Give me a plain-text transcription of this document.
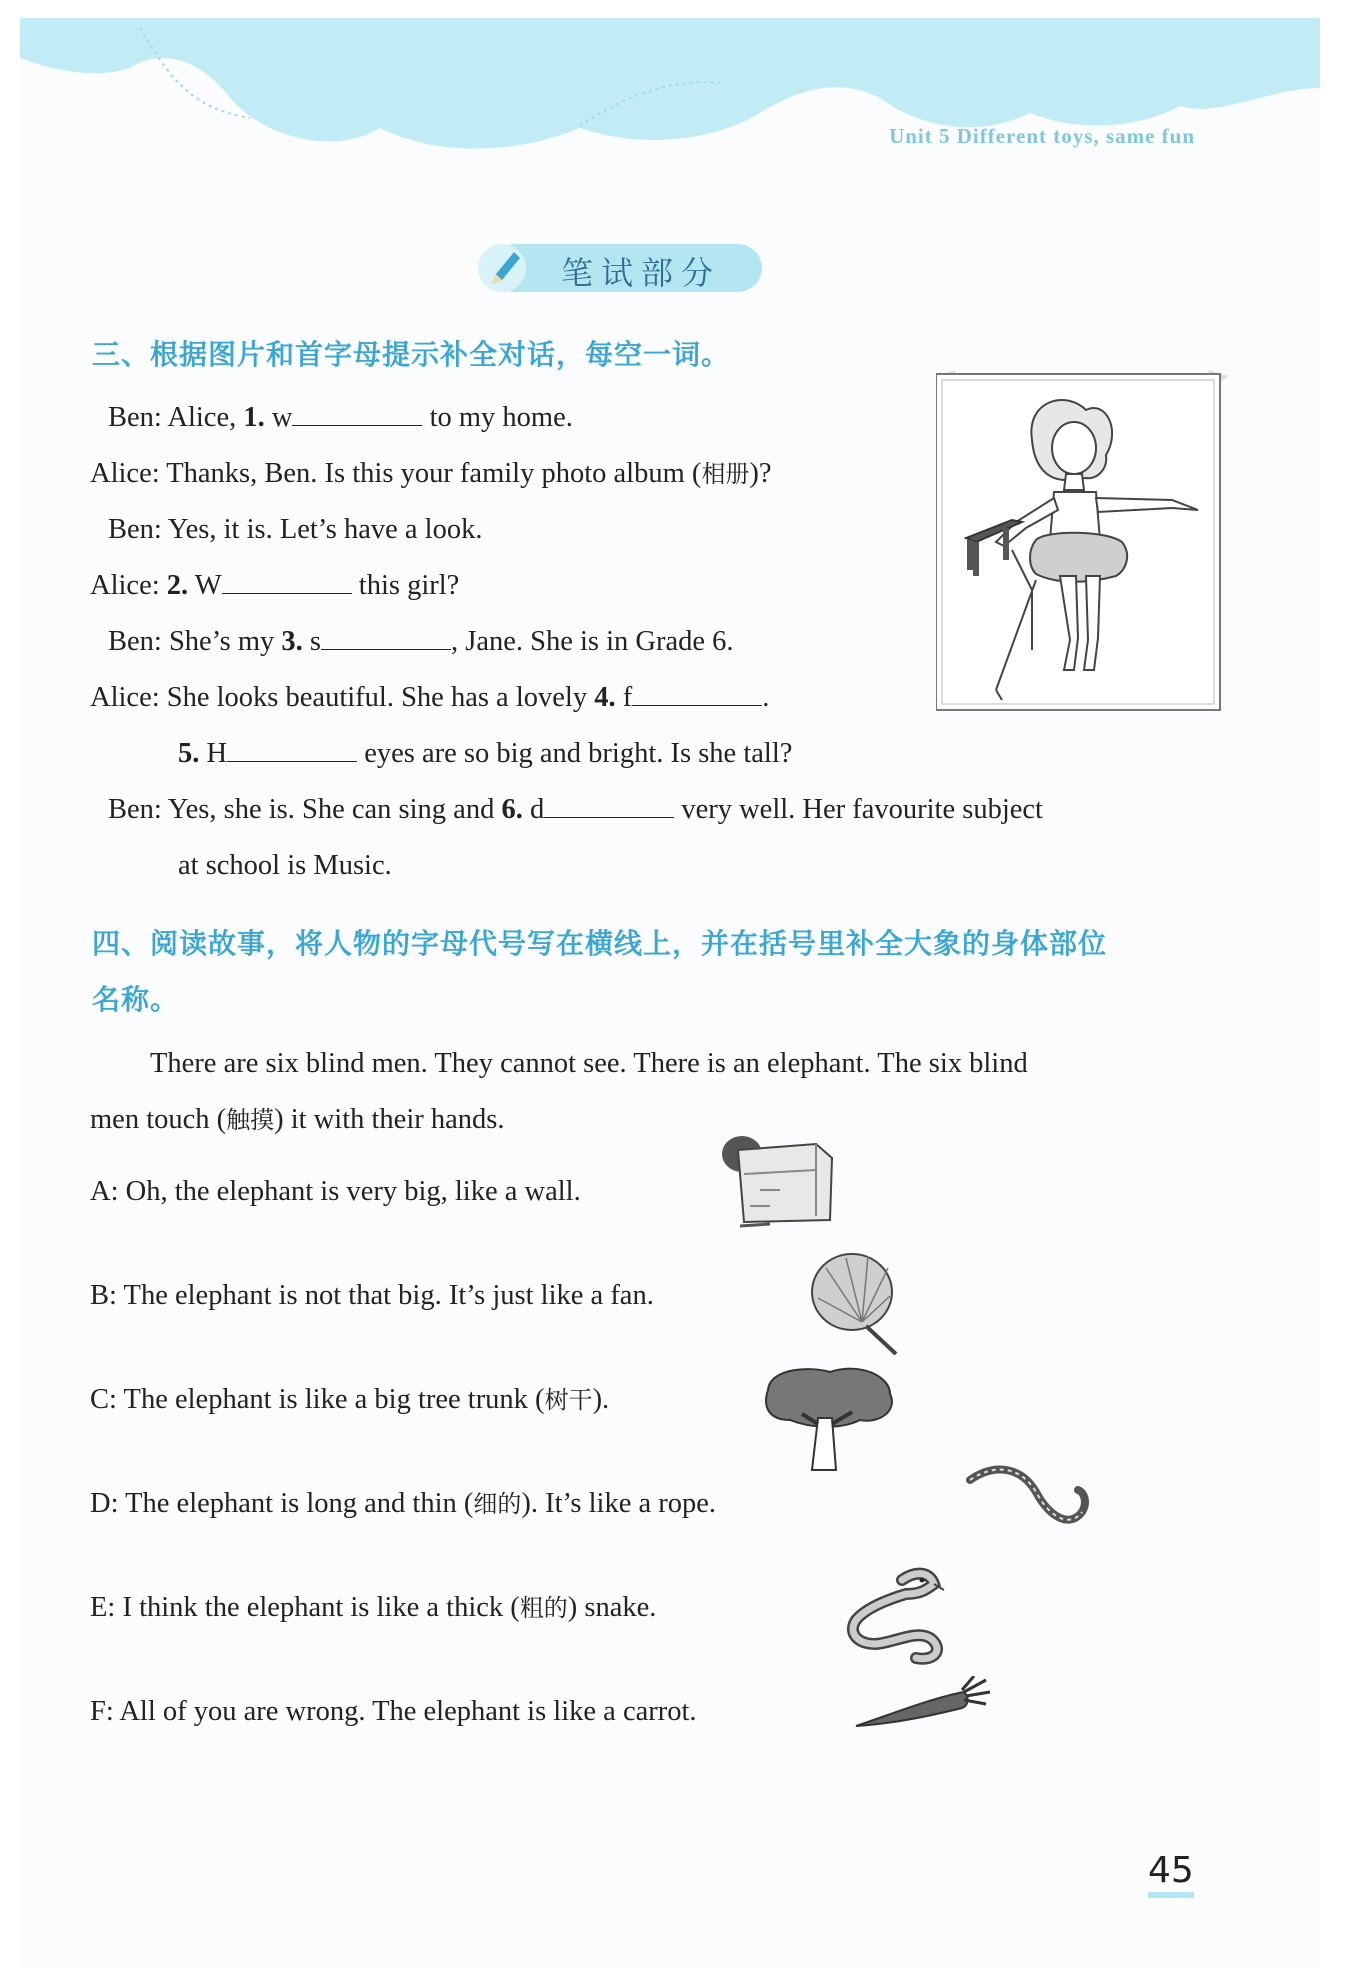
Unit 5 Different toys, same fun
笔试部分
三、根据图片和首字母提示补全对话，每空一词。
Ben: Alice, 1. w	to my home.
Alice: Thanks, Ben. Is this your family photo album (相册)?
Ben: Yes, it is. Let’s have a look.
Alice: 2. W	this girl?
Ben: She’s my 3. s	, Jane. She is in Grade 6.
Alice: She looks beautiful. She has a lovely 4. f	.
5. H	eyes are so big and bright. Is she tall?
Ben: Yes, she is. She can sing and 6. d	very well. Her favourite subject
at school is Music.
四、阅读故事，将人物的字母代号写在横线上，并在括号里补全大象的身体部位
名称。
There are six blind men. They cannot see. There is an elephant. The six blind
men touch (触摸) it with their hands.
A: Oh, the elephant is very big, like a wall.
B: The elephant is not that big. It’s just like a fan.
C: The elephant is like a big tree trunk (树干).
D: The elephant is long and thin (细的). It’s like a rope.
E: I think the elephant is like a thick (粗的) snake.
F: All of you are wrong. The elephant is like a carrot.
45
